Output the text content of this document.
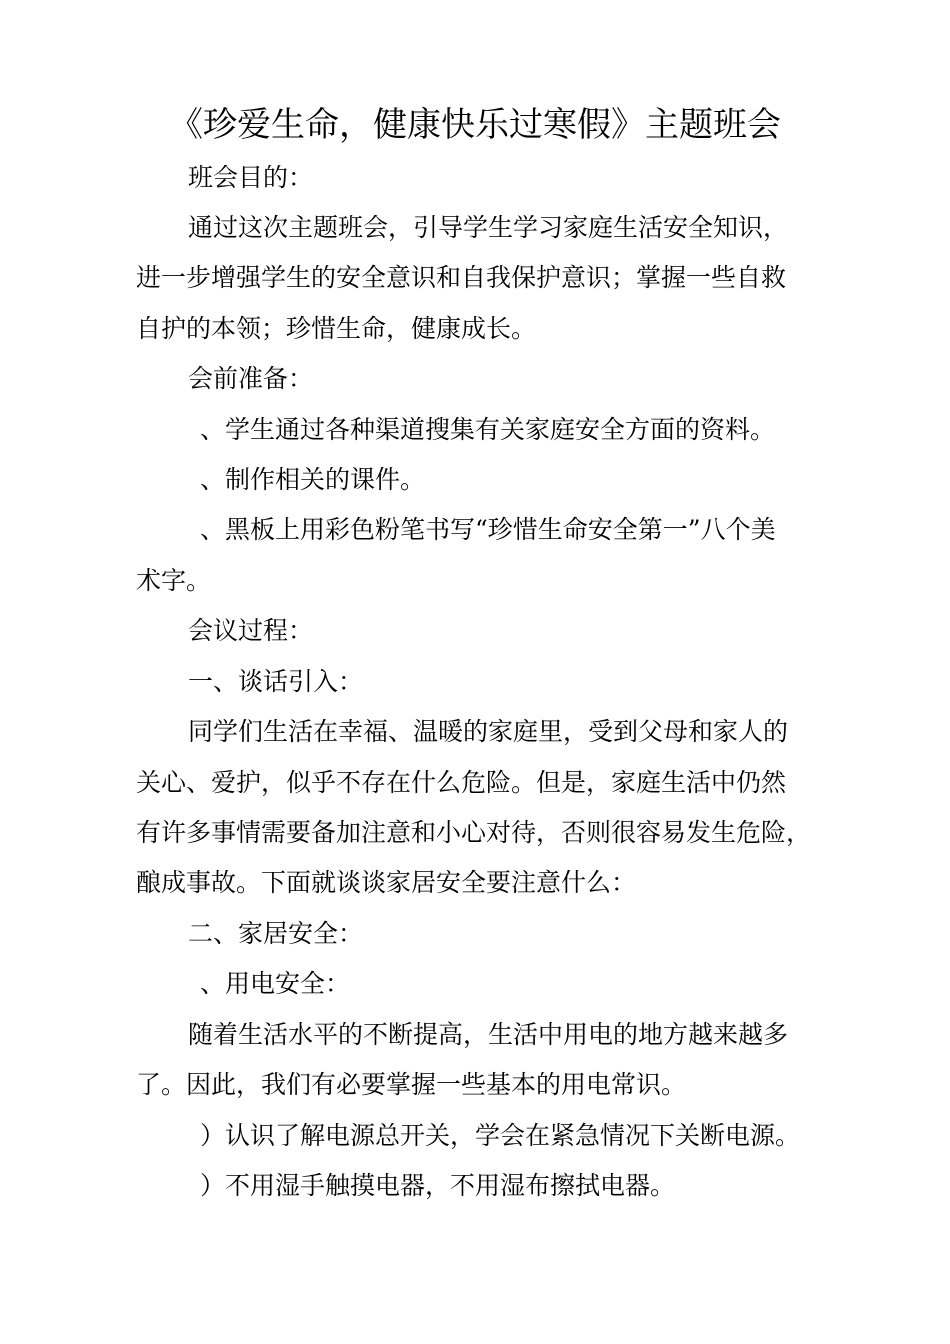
《珍爱生命，健康快乐过寒假》主题班会
班会目的：
通过这次主题班会，引导学生学习家庭生活安全知识，
进一步增强学生的安全意识和自我保护意识；掌握一些自救
自护的本领；珍惜生命，健康成长。
会前准备：
、学生通过各种渠道搜集有关家庭安全方面的资料。
、制作相关的课件。
、黑板上用彩色粉笔书写“珍惜生命安全第一”八个美
术字。
会议过程：
一、谈话引入：
同学们生活在幸福、温暖的家庭里，受到父母和家人的
关心、爱护，似乎不存在什么危险。但是，家庭生活中仍然
有许多事情需要备加注意和小心对待，否则很容易发生危险，
酿成事故。下面就谈谈家居安全要注意什么：
二、家居安全：
、用电安全：
随着生活水平的不断提高，生活中用电的地方越来越多
了。因此，我们有必要掌握一些基本的用电常识。
）认识了解电源总开关，学会在紧急情况下关断电源。
）不用湿手触摸电器，不用湿布擦拭电器。
